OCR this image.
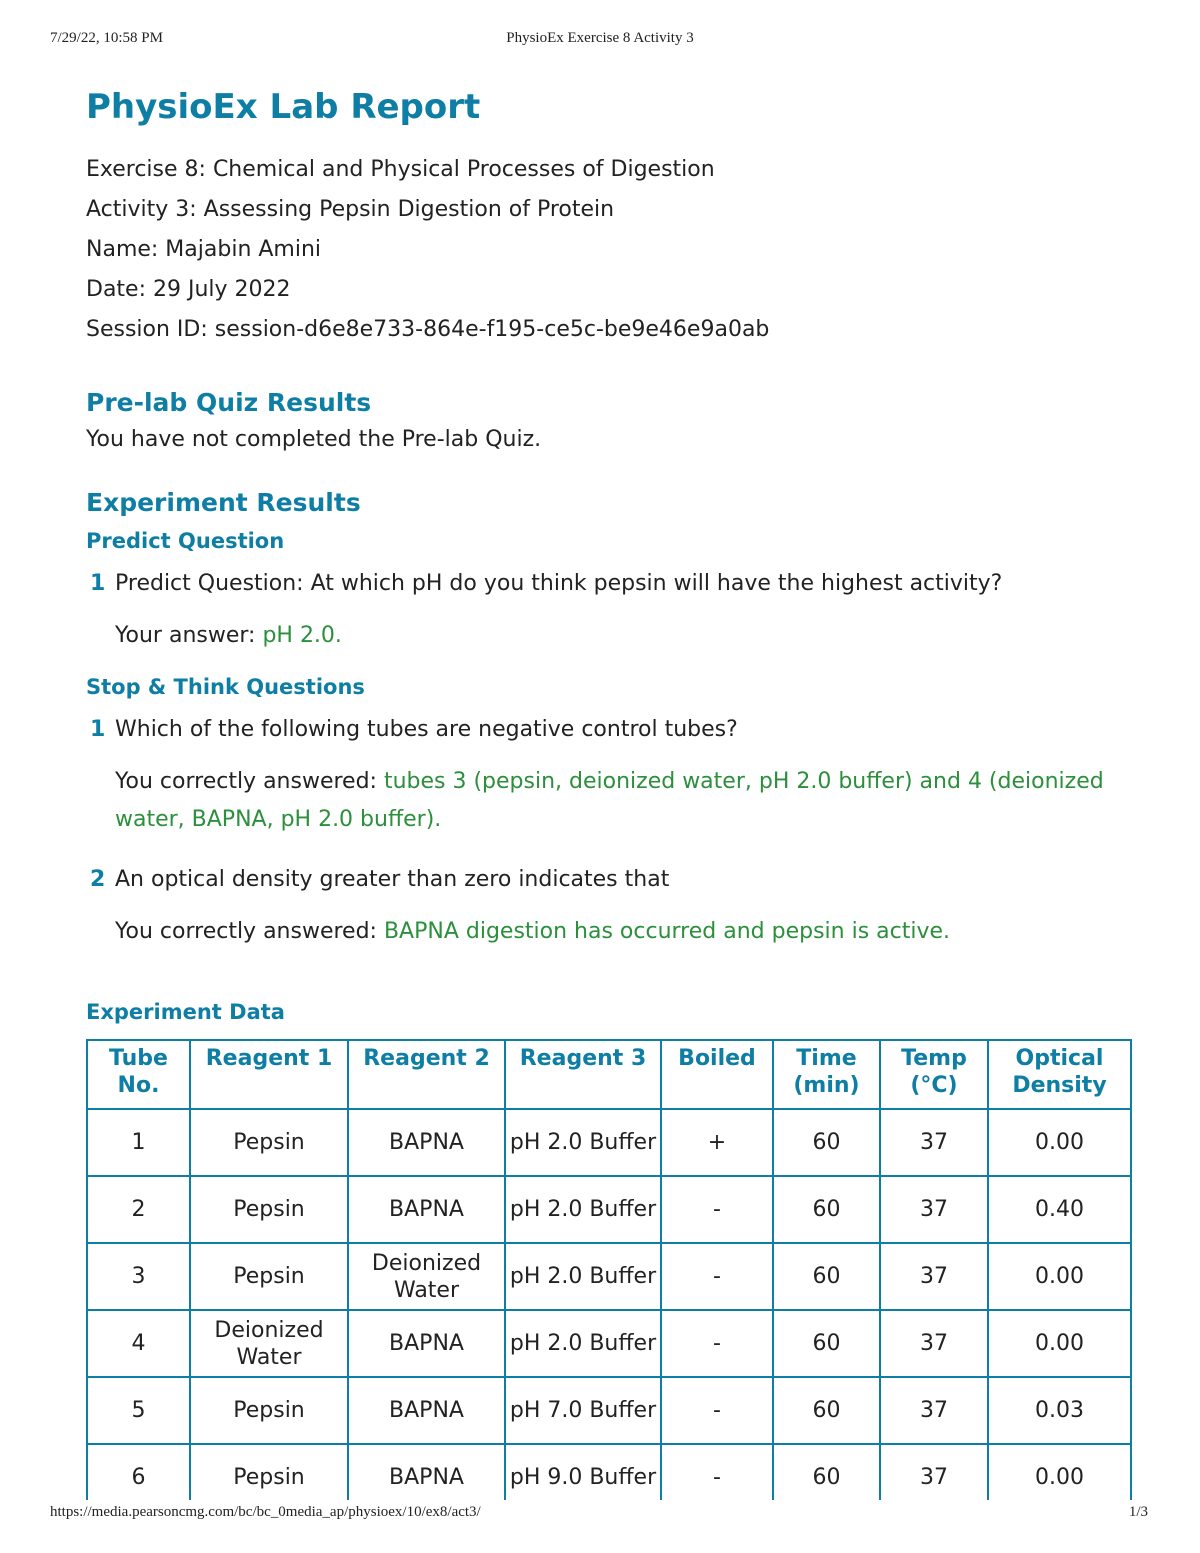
7/29/22, 10:58 PM	PhysioEx Exercise 8 Activity 3
PhysioEx Lab Report
Exercise 8: Chemical and Physical Processes of Digestion
Activity 3: Assessing Pepsin Digestion of Protein
Name: Majabin Amini
Date: 29 July 2022
Session ID: session-d6e8e733-864e-f195-ce5c-be9e46e9a0ab
Pre-lab Quiz Results
You have not completed the Pre-lab Quiz.
Experiment Results
Predict Question
1 Predict Question: At which pH do you think pepsin will have the highest activity?
Your answer: pH 2.0.
Stop & Think Questions
1 Which of the following tubes are negative control tubes?
You correctly answered: tubes 3 (pepsin, deionized water, pH 2.0 buffer) and 4 (deionized water, BAPNA, pH 2.0 buffer).
2 An optical density greater than zero indicates that
You correctly answered: BAPNA digestion has occurred and pepsin is active.
Experiment Data
Tube No.	Reagent 1	Reagent 2	Reagent 3	Boiled	Time (min)	Temp (°C)	Optical Density
1	Pepsin	BAPNA	pH 2.0 Buffer	+	60	37	0.00
2	Pepsin	BAPNA	pH 2.0 Buffer	-	60	37	0.40
3	Pepsin	Deionized Water	pH 2.0 Buffer	-	60	37	0.00
4	Deionized Water	BAPNA	pH 2.0 Buffer	-	60	37	0.00
5	Pepsin	BAPNA	pH 7.0 Buffer	-	60	37	0.03
6	Pepsin	BAPNA	pH 9.0 Buffer	-	60	37	0.00
https://media.pearsoncmg.com/bc/bc_0media_ap/physioex/10/ex8/act3/	1/3
